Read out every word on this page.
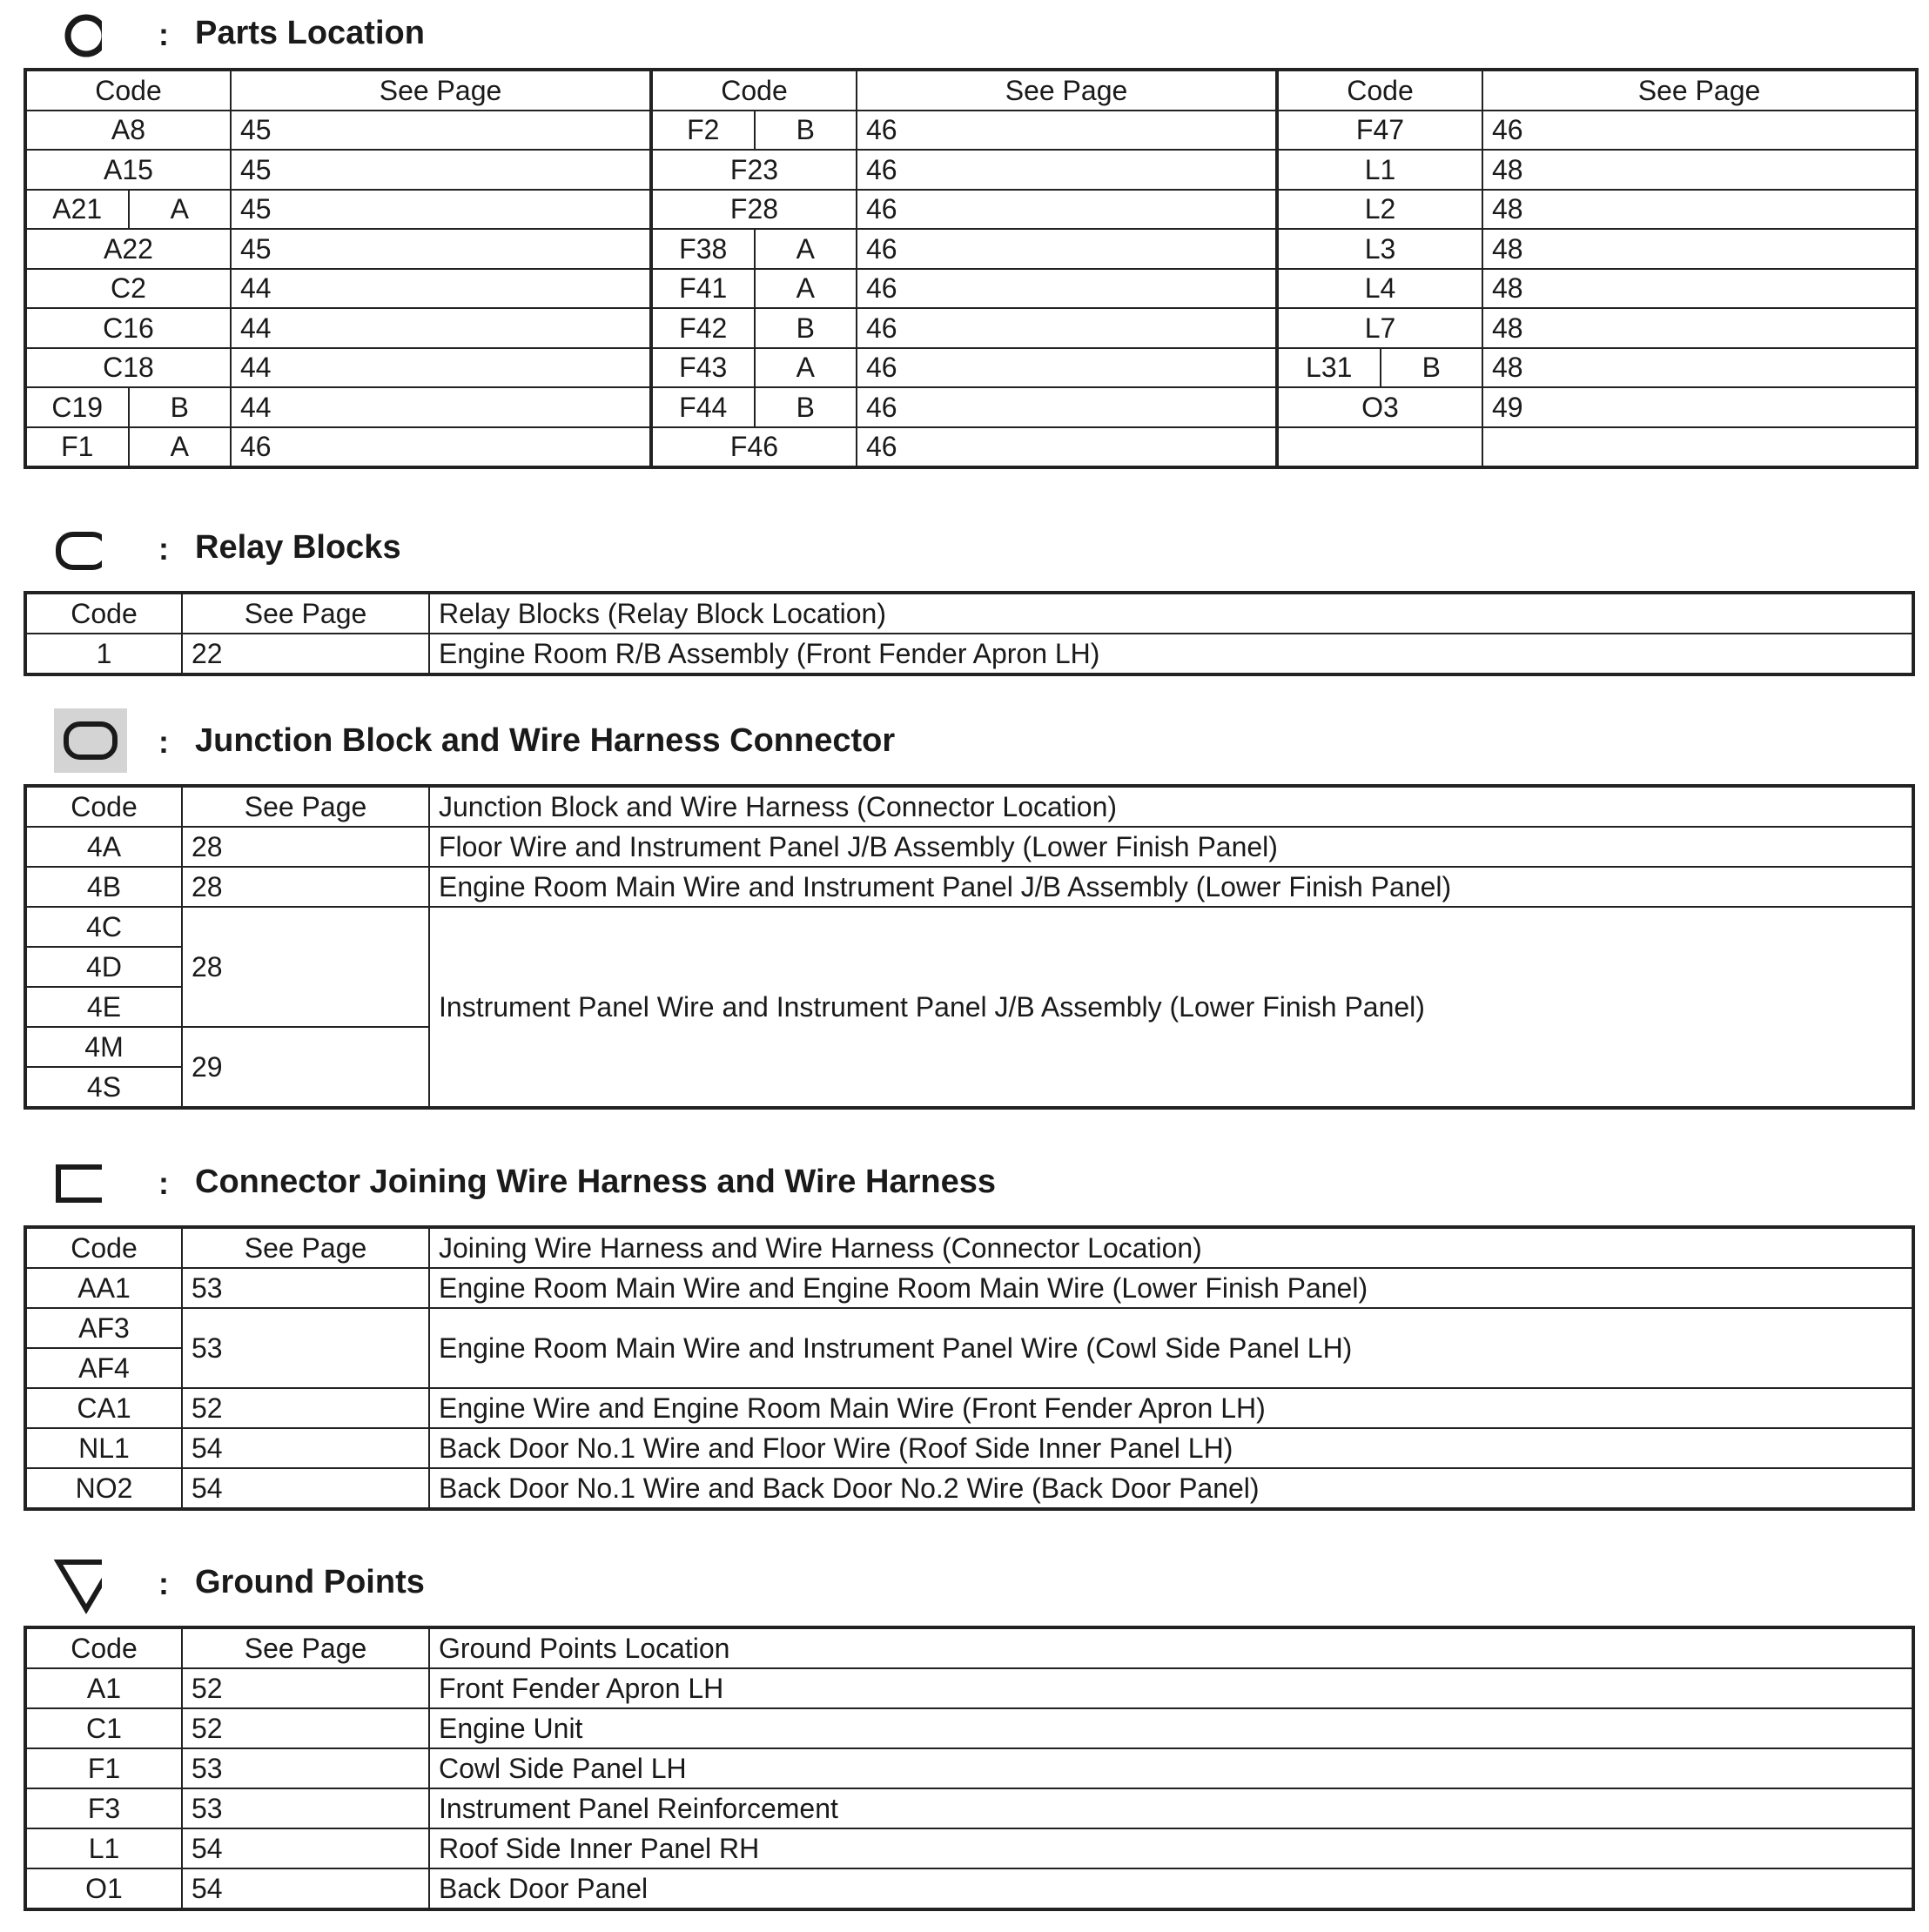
: Parts Location
Code	See Page	Code	See Page	Code	See Page
A8	45	F2 B	46	F47	46
A15	45	F23	46	L1	48

A21 A	45	F28	46	L2	48
A22	45	F38 A	46	L3	48
C2	44	F41 A	46	L4	48
C16	44	F42 B	46	L7	48
C18	44	F43 A	46	L31 B	48

C19 B	44	F44 B	46	O3	49

F1 A	46	F46	46		
: Relay Blocks
Code	See Page	Relay Blocks (Relay Block Location)
1	22	Engine Room R/B Assembly (Front Fender Apron LH)
: Junction Block and Wire Harness Connector
Code	See Page	Junction Block and Wire Harness (Connector Location)
4A	28	Floor Wire and Instrument Panel J/B Assembly (Lower Finish Panel)
4B	28	Engine Room Main Wire and Instrument Panel J/B Assembly (Lower Finish Panel)
4C	28	Instrument Panel Wire and Instrument Panel J/B Assembly (Lower Finish Panel)
4D		
4E		
4M	29	
4S		
: Connector Joining Wire Harness and Wire Harness
Code	See Page	Joining Wire Harness and Wire Harness (Connector Location)
AA1	53	Engine Room Main Wire and Engine Room Main Wire (Lower Finish Panel)
AF3	53	Engine Room Main Wire and Instrument Panel Wire (Cowl Side Panel LH)
AF4		
CA1	52	Engine Wire and Engine Room Main Wire (Front Fender Apron LH)
NL1	54	Back Door No.1 Wire and Floor Wire (Roof Side Inner Panel LH)
NO2	54	Back Door No.1 Wire and Back Door No.2 Wire (Back Door Panel)
: Ground Points
Code	See Page	Ground Points Location
A1	52	Front Fender Apron LH
C1	52	Engine Unit
F1	53	Cowl Side Panel LH
F3	53	Instrument Panel Reinforcement
L1	54	Roof Side Inner Panel RH
O1	54	Back Door Panel
